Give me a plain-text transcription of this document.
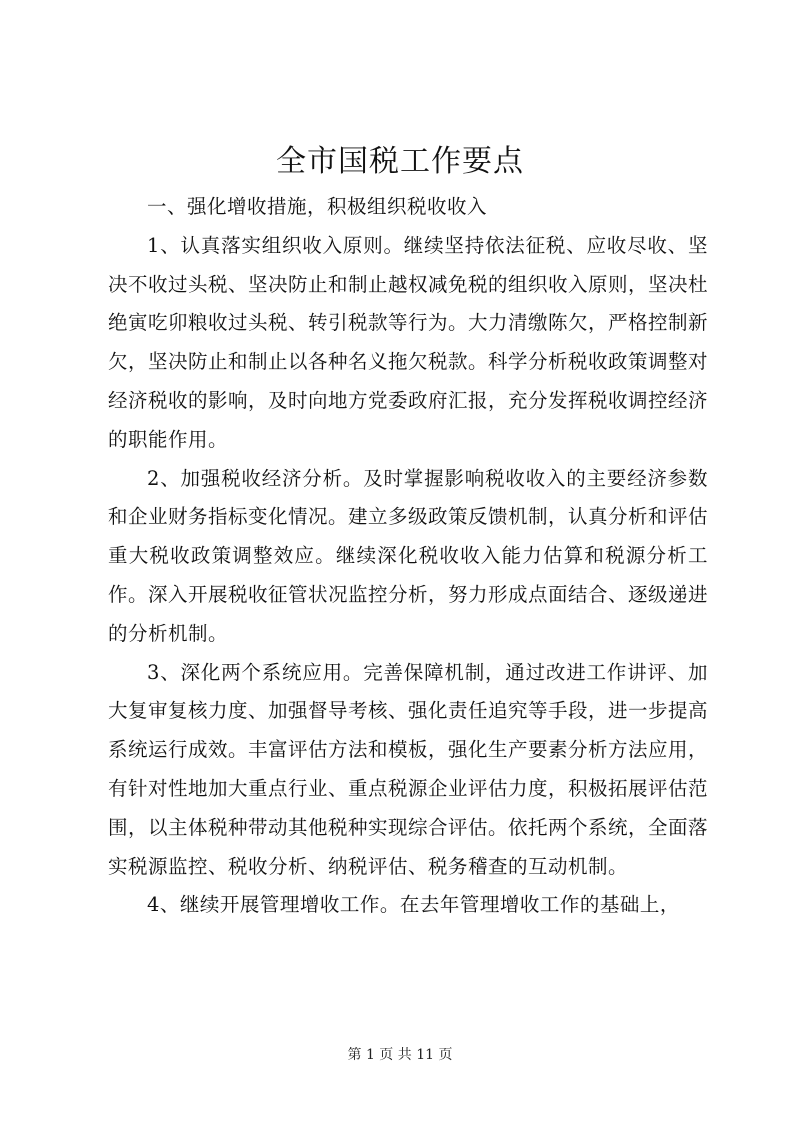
全市国税工作要点

一、强化增收措施，积极组织税收收入

1、认真落实组织收入原则。继续坚持依法征税、应收尽收、坚决不收过头税、坚决防止和制止越权减免税的组织收入原则，坚决杜绝寅吃卯粮收过头税、转引税款等行为。大力清缴陈欠，严格控制新欠，坚决防止和制止以各种名义拖欠税款。科学分析税收政策调整对经济税收的影响，及时向地方党委政府汇报，充分发挥税收调控经济的职能作用。

2、加强税收经济分析。及时掌握影响税收收入的主要经济参数和企业财务指标变化情况。建立多级政策反馈机制，认真分析和评估重大税收政策调整效应。继续深化税收收入能力估算和税源分析工作。深入开展税收征管状况监控分析，努力形成点面结合、逐级递进的分析机制。

3、深化两个系统应用。完善保障机制，通过改进工作讲评、加大复审复核力度、加强督导考核、强化责任追究等手段，进一步提高系统运行成效。丰富评估方法和模板，强化生产要素分析方法应用，有针对性地加大重点行业、重点税源企业评估力度，积极拓展评估范围，以主体税种带动其他税种实现综合评估。依托两个系统，全面落实税源监控、税收分析、纳税评估、税务稽查的互动机制。

4、继续开展管理增收工作。在去年管理增收工作的基础上，

第 1 页 共 11 页
